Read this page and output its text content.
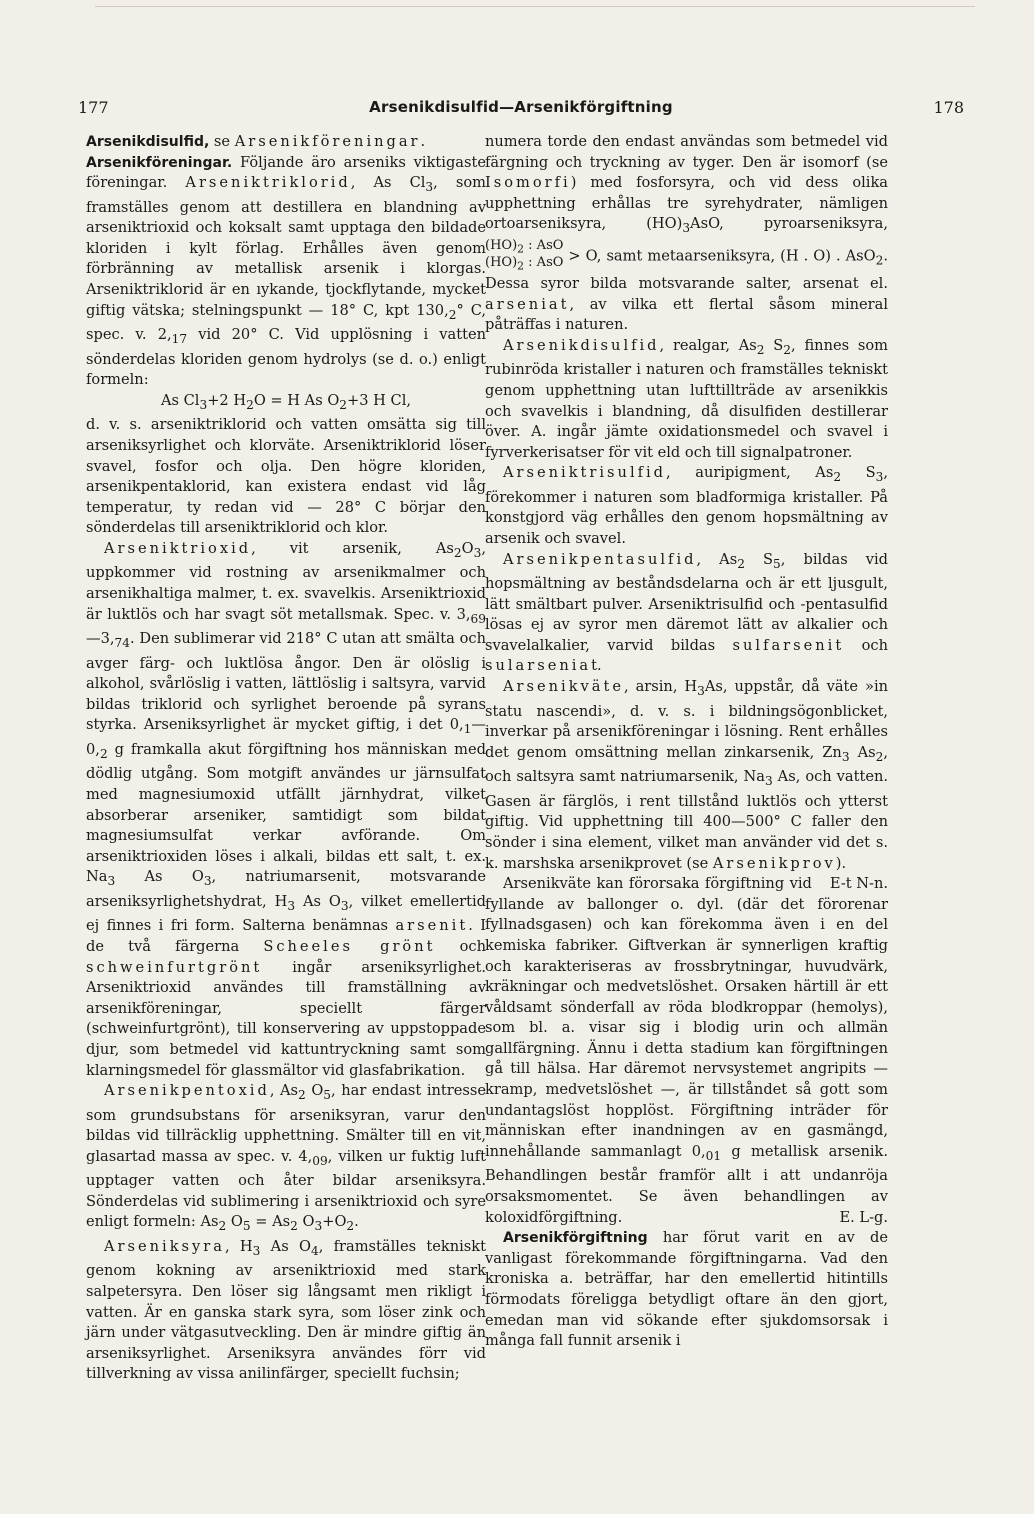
177	Arsenikdisulfid—Arsenikförgiftning	178

Arsenikdisulfid, se Arsenikföreningar.

Arsenikföreningar. Följande äro arseniks viktigaste föreningar. Arseniktriklorid, As $Cl_3$, som framställes genom att destillera en blandning av arseniktrioxid och koksalt samt upptaga den bildade kloriden i kylt förlag. Erhålles även genom förbränning av metallisk arsenik i klorgas. Arseniktriklorid är en ıykande, tjockflytande, mycket giftig vätska; stelningspunkt — 18° C, kpt $130,_2^\circ$ C, spec. v. $2,_{17}$ vid 20° C. Vid upplösning i vatten sönderdelas kloriden genom hydrolys (se d. o.) enligt formeln:

As $Cl_3+2$ $H_2O = H$ As $O_2+3$ H Cl,

d. v. s. arseniktriklorid och vatten omsätta sig till arseniksyrlighet och klorväte. Arseniktriklorid löser svavel, fosfor och olja. Den högre kloriden, arsenikpentaklorid, kan existera endast vid låg temperatur, ty redan vid — 28° C börjar den sönderdelas till arseniktriklorid och klor.

Arseniktrioxid, vit arsenik, $As_2O_3$, uppkommer vid rostning av arsenikmalmer och arsenikhaltiga malmer, t. ex. svavelkis. Arseniktrioxid är luktlös och har svagt söt metallsmak. Spec. v. $3,_{69}—3,_{74}$. Den sublimerar vid 218° C utan att smälta och avger färg- och luktlösa ångor. Den är olöslig i alkohol, svårlöslig i vatten, lättlöslig i saltsyra, varvid bildas triklorid och syrlighet beroende på syrans styrka. Arseniksyrlighet är mycket giftig, i $\det 0,_1—0,_2$ g framkalla akut förgiftning hos människan med dödlig utgång. Som motgift användes ur järnsulfat med magnesiumoxid utfällt järnhydrat, vilket absorberar arseniker, samtidigt som bildat magnesiumsulfat verkar avförande. Om arseniktrioxiden löses i alkali, bildas ett salt, t. ex. $Na_3$ As $O_3$, natriumarsenit, motsvarande arseniksyrlighetshydrat, $H_3$ As $O_3$, vilket emellertid ej finnes i fri form. Salterna benämnas arsenit. I de två färgerna Scheeles grönt och schweinfurtgrönt ingår arseniksyrlighet. Arseniktrioxid användes till framställning av arsenikföreningar, speciellt färger (schweinfurtgrönt), till konservering av uppstoppade djur, som betmedel vid kattuntryckning samt som klarningsmedel för glassmältor vid glasfabrikation.

Arsenikpentoxid, $As_2$ $O_5$, har endast intresse som grundsubstans för arseniksyran, varur den bildas vid tillräcklig upphettning. Smälter till en vit, glasartad massa av spec. v. $4,_{09}$, vilken ur fuktig luft upptager vatten och åter bildar arseniksyra. Sönderdelas vid sublimering i arseniktrioxid och syre enligt formeln: $As_2$ $O_5 = As_2$ $O_3+O_2$.

Arseniksyra, $H_3$ As $O_4$, framställes tekniskt genom kokning av arseniktrioxid med stark salpetersyra. Den löser sig långsamt men rikligt i vatten. Är en ganska stark syra, som löser zink och järn under vätgasutveckling. Den är mindre giftig än arseniksyrlighet. Arseniksyra användes förr vid tillverkning av vissa anilinfärger, speciellt fuchsin;

numera torde den endast användas som betmedel vid färgning och tryckning av tyger. Den är isomorf (se Isomorfi) med fosforsyra, och vid dess olika upphettning erhållas tre syrehydrater, nämligen ortoarseniksyra, $(HO)_3AsO$, pyroarseniksyra,
$(HO)_2$ : AsO
$(HO)_2$ : AsO > O, samt metaarseniksyra, (H . O) . AsO$_2$. Dessa syror bilda motsvarande salter, arsenat el. arseniat, av vilka ett flertal såsom mineral påträffas i naturen.

Arsenikdisulfid, realgar, $As_2$ $S_2$, finnes som rubinröda kristaller i naturen och framställes tekniskt genom upphettning utan lufttillträde av arsenikkis och svavelkis i blandning, då disulfiden destillerar över. A. ingår jämte oxidationsmedel och svavel i fyrverkerisatser för vit eld och till signalpatroner.

Arseniktrisulfid, auripigment, $As_2$ $S_3$, förekommer i naturen som bladformiga kristaller. På konstgjord väg erhålles den genom hopsmältning av arsenik och svavel.

Arsenikpentasulfid, $As_2$ $S_5$, bildas vid hopsmältning av beståndsdelarna och är ett ljusgult, lätt smältbart pulver. Arseniktrisulfid och -pentasulfid lösas ej av syror men däremot lätt av alkalier och svavelalkalier, varvid bildas sulfarsenit och sularseniat.

Arsenikväte, arsin, $H_3As$, uppstår, då väte »in statu nascendi», d. v. s. i bildningsögonblicket, inverkar på arsenikföreningar i lösning. Rent erhålles det genom omsättning mellan zinkarsenik, $Zn_3$ $As_2$, och saltsyra samt natriumarsenik, $Na_3$ As, och vatten. Gasen är färglös, i rent tillstånd luktlös och ytterst giftig. Vid upphettning till 400—500° C faller den sönder i sina element, vilket man använder vid det s. k. marshska arsenikprovet (se Arsenikprov).
E-t N-n.

Arsenikväte kan förorsaka förgiftning vid fyllande av ballonger o. dyl. (där det förorenar fyllnadsgasen) och kan förekomma även i en del kemiska fabriker. Giftverkan är synnerligen kraftig och karakteriseras av frossbrytningar, huvudvärk, kräkningar och medvetslöshet. Orsaken härtill är ett våldsamt sönderfall av röda blodkroppar (hemolys), som bl. a. visar sig i blodig urin och allmän gallfärgning. Ännu i detta stadium kan förgiftningen gå till hälsa. Har däremot nervsystemet angripits — kramp, medvetslöshet —, är tillståndet så gott som undantagslöst hopplöst. Förgiftning inträder för människan efter inandningen av en gasmängd, innehållande sammanlagt $0,_{01}$ g metallisk arsenik. Behandlingen består framför allt i att undanröja orsaksmomentet. Se även behandlingen av koloxidförgiftning.	E. L-g.

Arsenikförgiftning har förut varit en av de vanligast förekommande förgiftningarna. Vad den kroniska a. beträffar, har den emellertid hitintills förmodats föreligga betydligt oftare än den gjort, emedan man vid sökande efter sjukdomsorsak i många fall funnit arsenik i
